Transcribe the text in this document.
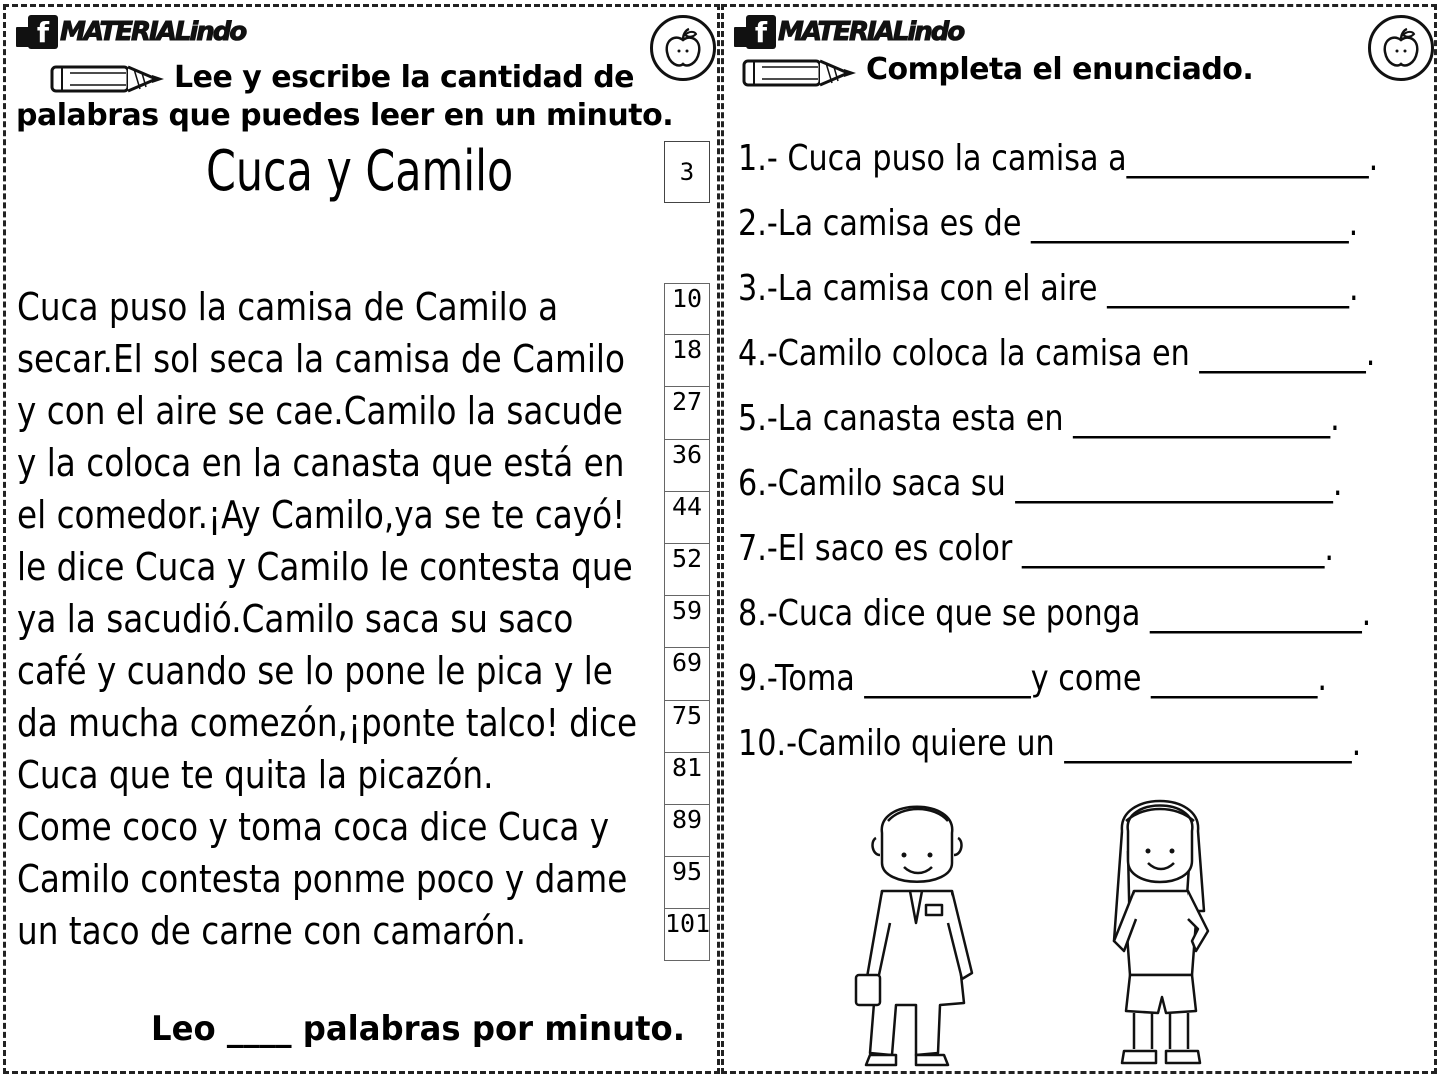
f MATERIALindo
Lee y escribe la cantidad de
palabras que puedes leer en un minuto.
Cuca y Camilo	3
Cuca puso la camisa de Camilo a
secar.El sol seca la camisa de Camilo
y con el aire se cae.Camilo la sacude
y la coloca en la canasta que está en
el comedor.¡Ay Camilo,ya se te cayó!
le dice Cuca y Camilo le contesta que
ya la sacudió.Camilo saca su saco
café y cuando se lo pone le pica y le
da mucha comezón,¡ponte talco! dice
Cuca que te quita la picazón.
Come coco y toma coca dice Cuca y
Camilo contesta ponme poco y dame
un taco de carne con camarón.
10
18
27
36
44
52
59
69
75
81
89
95
101
Leo ____ palabras por minuto.
f MATERIALindo
Completa el enunciado.
1.- Cuca puso la camisa a________________.
2.-La camisa es de _____________________.
3.-La camisa con el aire ________________.
4.-Camilo coloca la camisa en ___________.
5.-La canasta esta en _________________.
6.-Camilo saca su _____________________.
7.-El saco es color ____________________.
8.-Cuca dice que se ponga ______________.
9.-Toma ___________y come ___________.
10.-Camilo quiere un ___________________.
